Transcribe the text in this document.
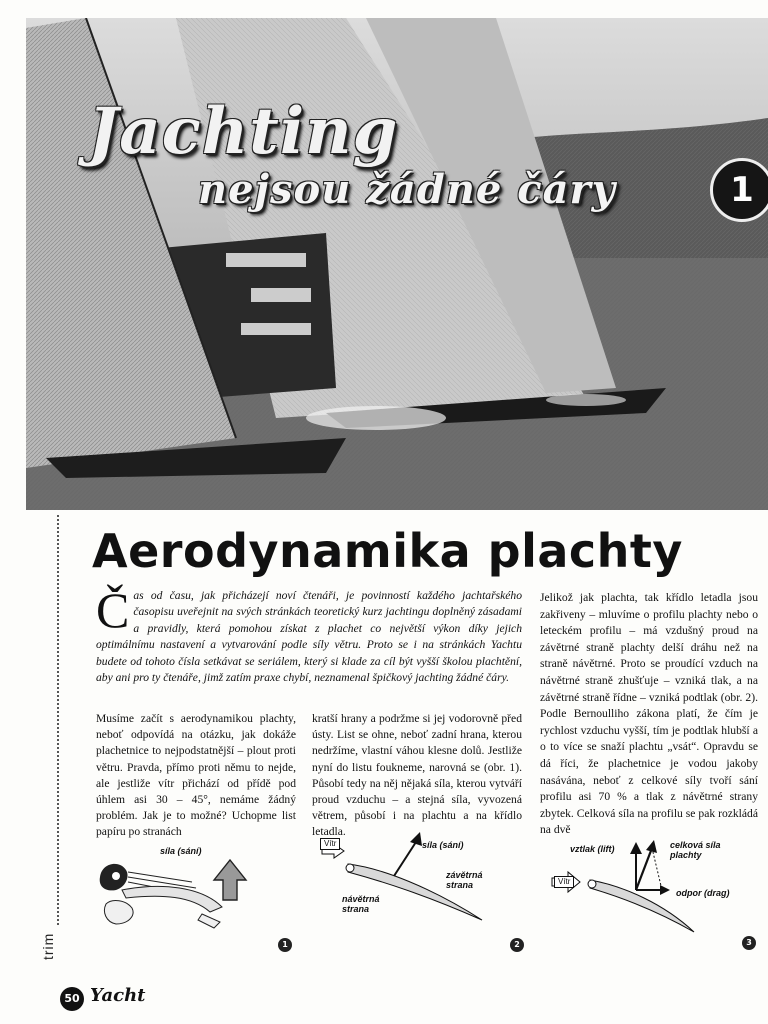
Jachting
nejsou žádné čáry	1
Aerodynamika plachty
Čas od času, jak přicházejí noví čtenáři, je povinností každého jachtařského časopisu uveřejnit na svých stránkách teoretický kurz jachtingu doplněný zásadami a pravidly, která pomohou získat z plachet co největší výkon díky jejich optimálnímu nastavení a vytvarování podle síly větru. Proto se i na stránkách Yachtu budete od tohoto čísla setkávat se seriálem, který si klade za cíl být vyšší školou plachtění, aby ani pro ty čtenáře, jimž zatím praxe chybí, neznamenal špičkový jachting žádné čáry.
Musíme začít s aerodynamikou plachty, neboť odpovídá na otázku, jak dokáže plachetnice to nejpodstatnější – plout proti větru. Pravda, přímo proti němu to nejde, ale jestliže vítr přichází od přídě pod úhlem asi 30 – 45°, nemáme žádný problém. Jak je to možné? Uchopme list papíru po stranách
kratší hrany a podržme si jej vodorovně před ústy. List se ohne, neboť zadní hrana, kterou nedržíme, vlastní váhou klesne dolů. Jestliže nyní do listu foukneme, narovná se (obr. 1). Působí tedy na něj nějaká síla, kterou vytváří proud vzduchu – a stejná síla, vyvozená větrem, působí i na plachtu a na křídlo letadla.
Jelikož jak plachta, tak křídlo letadla jsou zakřiveny – mluvíme o profilu plachty nebo o leteckém profilu – má vzdušný proud na závětrné straně plachty delší dráhu než na straně návětrné. Proto se proudící vzduch na návětrné straně zhušťuje – vzniká tlak, a na závětrné straně řídne – vzniká podtlak (obr. 2). Podle Bernoulliho zákona platí, že čím je rychlost vzduchu vyšší, tím je podtlak hlubší a o to více se snaží plachtu „vsát“. Opravdu se dá říci, že plachetnice je vodou jakoby nasávána, neboť z celkové síly tvoří sání profilu asi 70 % a tlak z návětrné strany zbytek. Celková síla na profilu se pak rozkládá na dvě
síla (sání)
1
Vítr	síla (sání)
závětrná strana
návětrná strana
2
Vítr
vztlak (lift)	celková síla plachty
odpor (drag)
3
trim
50 Yacht
